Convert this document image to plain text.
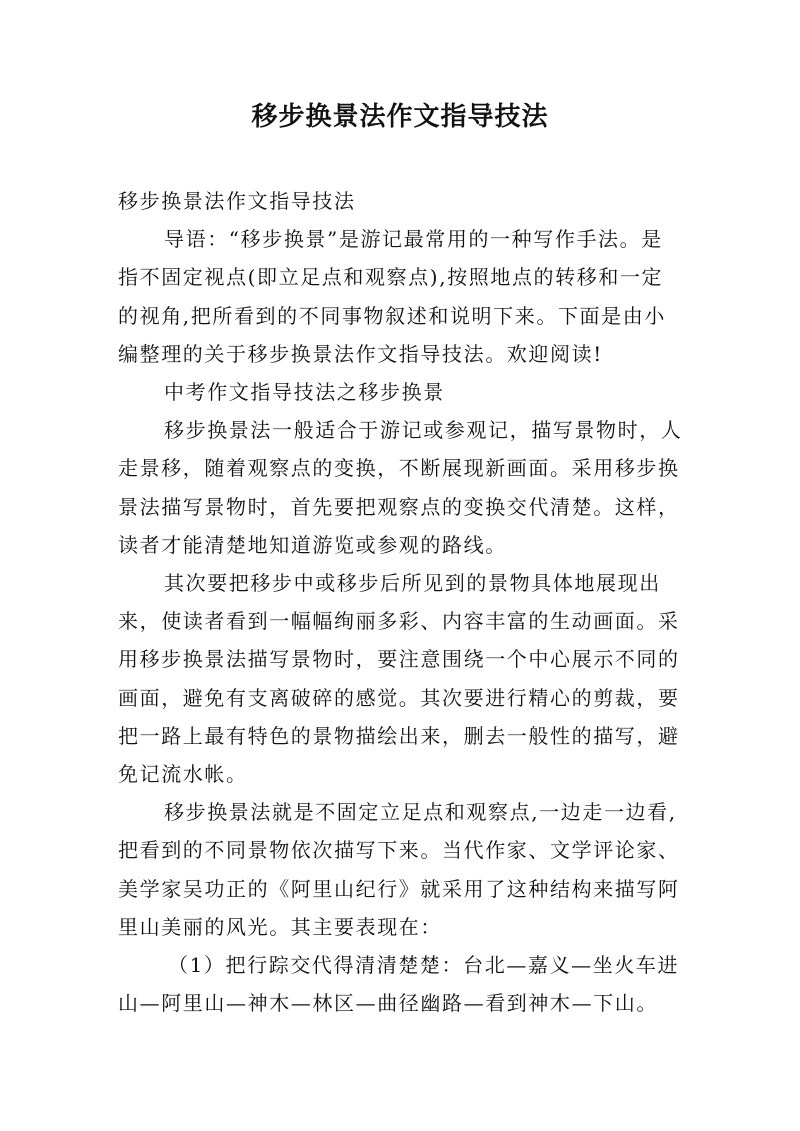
移步换景法作文指导技法
移步换景法作文指导技法
导语：“移步换景”是游记最常用的一种写作手法。是
指不固定视点(即立足点和观察点),按照地点的转移和一定
的视角,把所看到的不同事物叙述和说明下来。下面是由小
编整理的关于移步换景法作文指导技法。欢迎阅读!
中考作文指导技法之移步换景
移步换景法一般适合于游记或参观记，描写景物时，人
走景移，随着观察点的变换，不断展现新画面。采用移步换
景法描写景物时，首先要把观察点的变换交代清楚。这样，
读者才能清楚地知道游览或参观的路线。
其次要把移步中或移步后所见到的景物具体地展现出
来，使读者看到一幅幅绚丽多彩、内容丰富的生动画面。采
用移步换景法描写景物时，要注意围绕一个中心展示不同的
画面，避免有支离破碎的感觉。其次要进行精心的剪裁，要
把一路上最有特色的景物描绘出来，删去一般性的描写，避
免记流水帐。
移步换景法就是不固定立足点和观察点,一边走一边看,
把看到的不同景物依次描写下来。当代作家、文学评论家、
美学家吴功正的《阿里山纪行》就采用了这种结构来描写阿
里山美丽的风光。其主要表现在：
（1）把行踪交代得清清楚楚：台北—嘉义—坐火车进
山—阿里山—神木—林区—曲径幽路—看到神木—下山。
